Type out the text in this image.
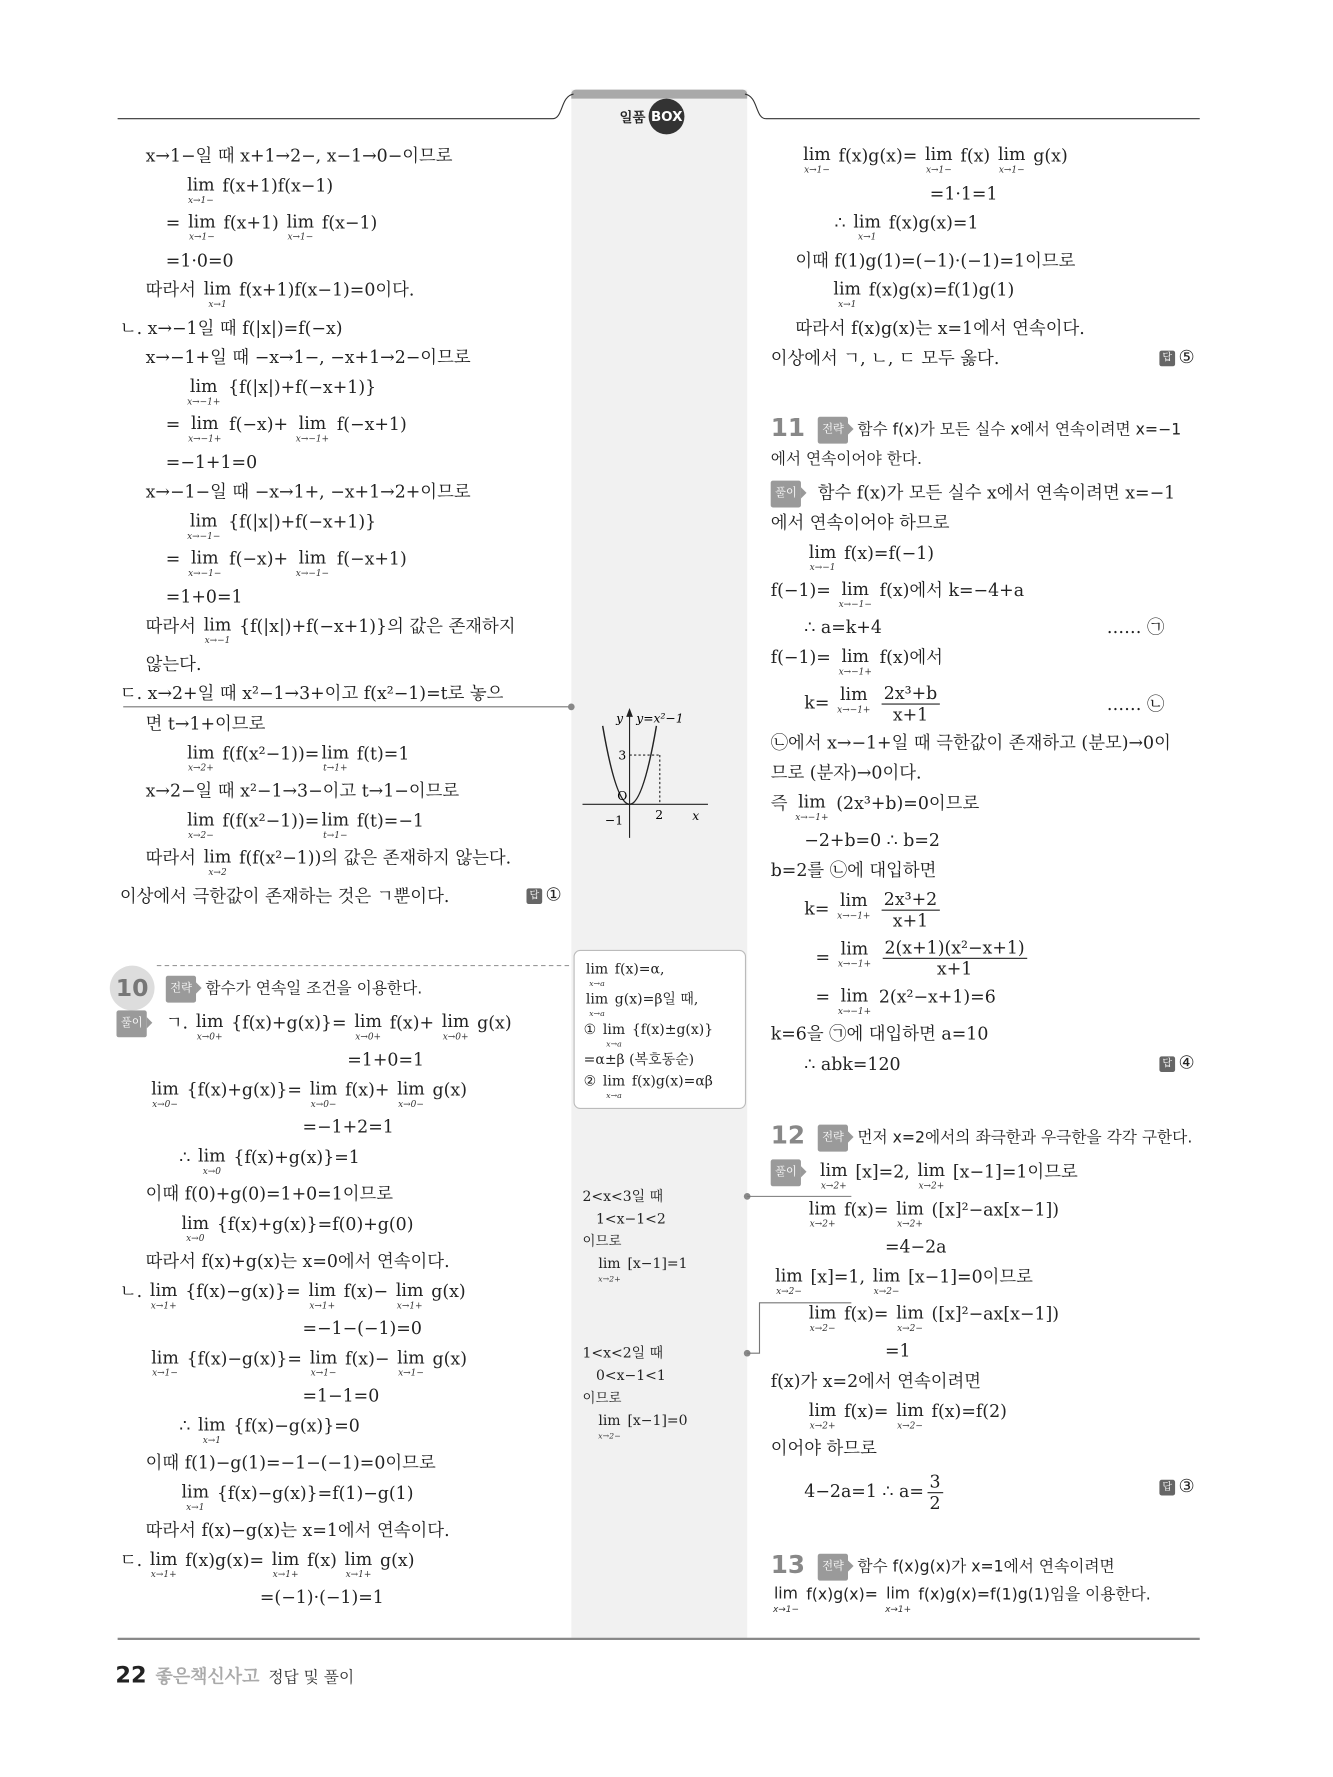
일품 BOX
x→1−일 때 x+1→2−, x−1→0−이므로
lim
x→1−
f(x+1)f(x−1)
= lim
x→1−
f(x+1) lim
x→1−
f(x−1)
=1·0=0
따라서 lim
x→1
f(x+1)f(x−1)=0이다.
ㄴ. x→−1일 때 f(|x|)=f(−x)
x→−1+일 때 −x→1−, −x+1→2−이므로
lim
x→−1+
{f(|x|)+f(−x+1)}
= lim
x→−1+
f(−x)+ lim
x→−1+
f(−x+1)
=−1+1=0
x→−1−일 때 −x→1+, −x+1→2+이므로
lim
x→−1−
{f(|x|)+f(−x+1)}
= lim
x→−1−
f(−x)+ lim
x→−1−
f(−x+1)
=1+0=1
따라서 lim
x→−1
{f(|x|)+f(−x+1)}의 값은 존재하지
않는다.
ㄷ. x→2+일 때 x²−1→3+이고 f(x²−1)=t로 놓으
면 t→1+이므로
lim
x→2+
f(f(x²−1))= lim
t→1+
f(t)=1
x→2−일 때 x²−1→3−이고 t→1−이므로
lim
x→2−
f(f(x²−1))= lim
t→1−
f(t)=−1
따라서 lim
x→2
f(f(x²−1))의 값은 존재하지 않는다.
이상에서 극한값이 존재하는 것은 ㄱ뿐이다.	답 ①
y y=x²−1
3
O
2
−1	x
10	전략 함수가 연속일 조건을 이용한다.
풀이	ㄱ. lim
x→0+
{f(x)+g(x)}= lim
x→0+
f(x)+ lim
x→0+
g(x)
=1+0=1
lim
x→0−
{f(x)+g(x)}= lim
x→0−
f(x)+ lim
x→0−
g(x)
=−1+2=1
∴ lim
x→0
{f(x)+g(x)}=1
이때 f(0)+g(0)=1+0=1이므로
lim
x→0
{f(x)+g(x)}=f(0)+g(0)
따라서 f(x)+g(x)는 x=0에서 연속이다.
ㄴ. lim
x→1+
{f(x)−g(x)}= lim
x→1+
f(x)− lim
x→1+
g(x)
=−1−(−1)=0
lim
x→1−
{f(x)−g(x)}= lim
x→1−
f(x)− lim
x→1−
g(x)
=1−1=0
∴ lim
x→1
{f(x)−g(x)}=0
이때 f(1)−g(1)=−1−(−1)=0이므로
lim
x→1
{f(x)−g(x)}=f(1)−g(1)
따라서 f(x)−g(x)는 x=1에서 연속이다.
ㄷ. lim
x→1+
f(x)g(x)= lim
x→1+
f(x) lim
x→1+
g(x)
=(−1)·(−1)=1
lim
x→a
f(x)=α,
lim
x→a
g(x)=β일 때,
① lim
x→a
{f(x)±g(x)}
=α±β (복호동순)
② lim
x→a
f(x)g(x)=αβ
2<x<3일 때
1<x−1<2
이므로
lim
x→2+
[x−1]=1
1<x<2일 때
0<x−1<1
이므로
lim
x→2−
[x−1]=0
lim
x→1−
f(x)g(x)= lim
x→1−
f(x) lim
x→1−
g(x)
=1·1=1
∴ lim
x→1
f(x)g(x)=1
이때 f(1)g(1)=(−1)·(−1)=1이므로
lim
x→1
f(x)g(x)=f(1)g(1)
따라서 f(x)g(x)는 x=1에서 연속이다.
이상에서 ㄱ, ㄴ, ㄷ 모두 옳다.	답 ⑤
11	전략 함수 f(x)가 모든 실수 x에서 연속이려면 x=−1
에서 연속이어야 한다.
풀이	함수 f(x)가 모든 실수 x에서 연속이려면 x=−1
에서 연속이어야 하므로
lim
x→−1
f(x)=f(−1)
f(−1)= lim
x→−1−
f(x)에서 k=−4+a
∴ a=k+4	…… ㉠
f(−1)= lim
x→−1+
f(x)에서
k= lim
x→−1+
$\frac{\text{2x³+b}}{x+1}$	…… ㉡
㉡에서 x→−1+일 때 극한값이 존재하고 (분모)→0이
므로 (분자)→0이다.
즉 lim
x→−1+
(2x³+b)=0이므로
−2+b=0 ∴ b=2
b=2를 ㉡에 대입하면
k= lim
x→−1+
$\frac{\text{2x³+2}}{x+1}$
= lim
x→−1+
$\frac{\text{2(x+1)(x²−x+1)}}{x+1}$
= lim
x→−1+
2(x²−x+1)=6
k=6을 ㉠에 대입하면 a=10
∴ abk=120	답 ④
12	전략 먼저 x=2에서의 좌극한과 우극한을 각각 구한다.
풀이	lim
x→2+
[x]=2, lim
x→2+
[x−1]=1이므로
lim
x→2+
f(x)= lim
x→2+
([x]²−ax[x−1])
=4−2a
lim
x→2−
[x]=1, lim
x→2−
[x−1]=0이므로
lim
x→2−
f(x)= lim
x→2−
([x]²−ax[x−1])
=1
f(x)가 x=2에서 연속이려면
lim
x→2+
f(x)= lim
x→2−
f(x)=f(2)
이어야 하므로
4−2a=1 ∴ $a= \frac{3}{2}$	답 ③
13	전략 함수 f(x)g(x)가 x=1에서 연속이려면
lim
x→1−
f(x)g(x)= lim
x→1+
f(x)g(x)=f(1)g(1)임을 이용한다.
22 좋은책신사고 정답 및 풀이
